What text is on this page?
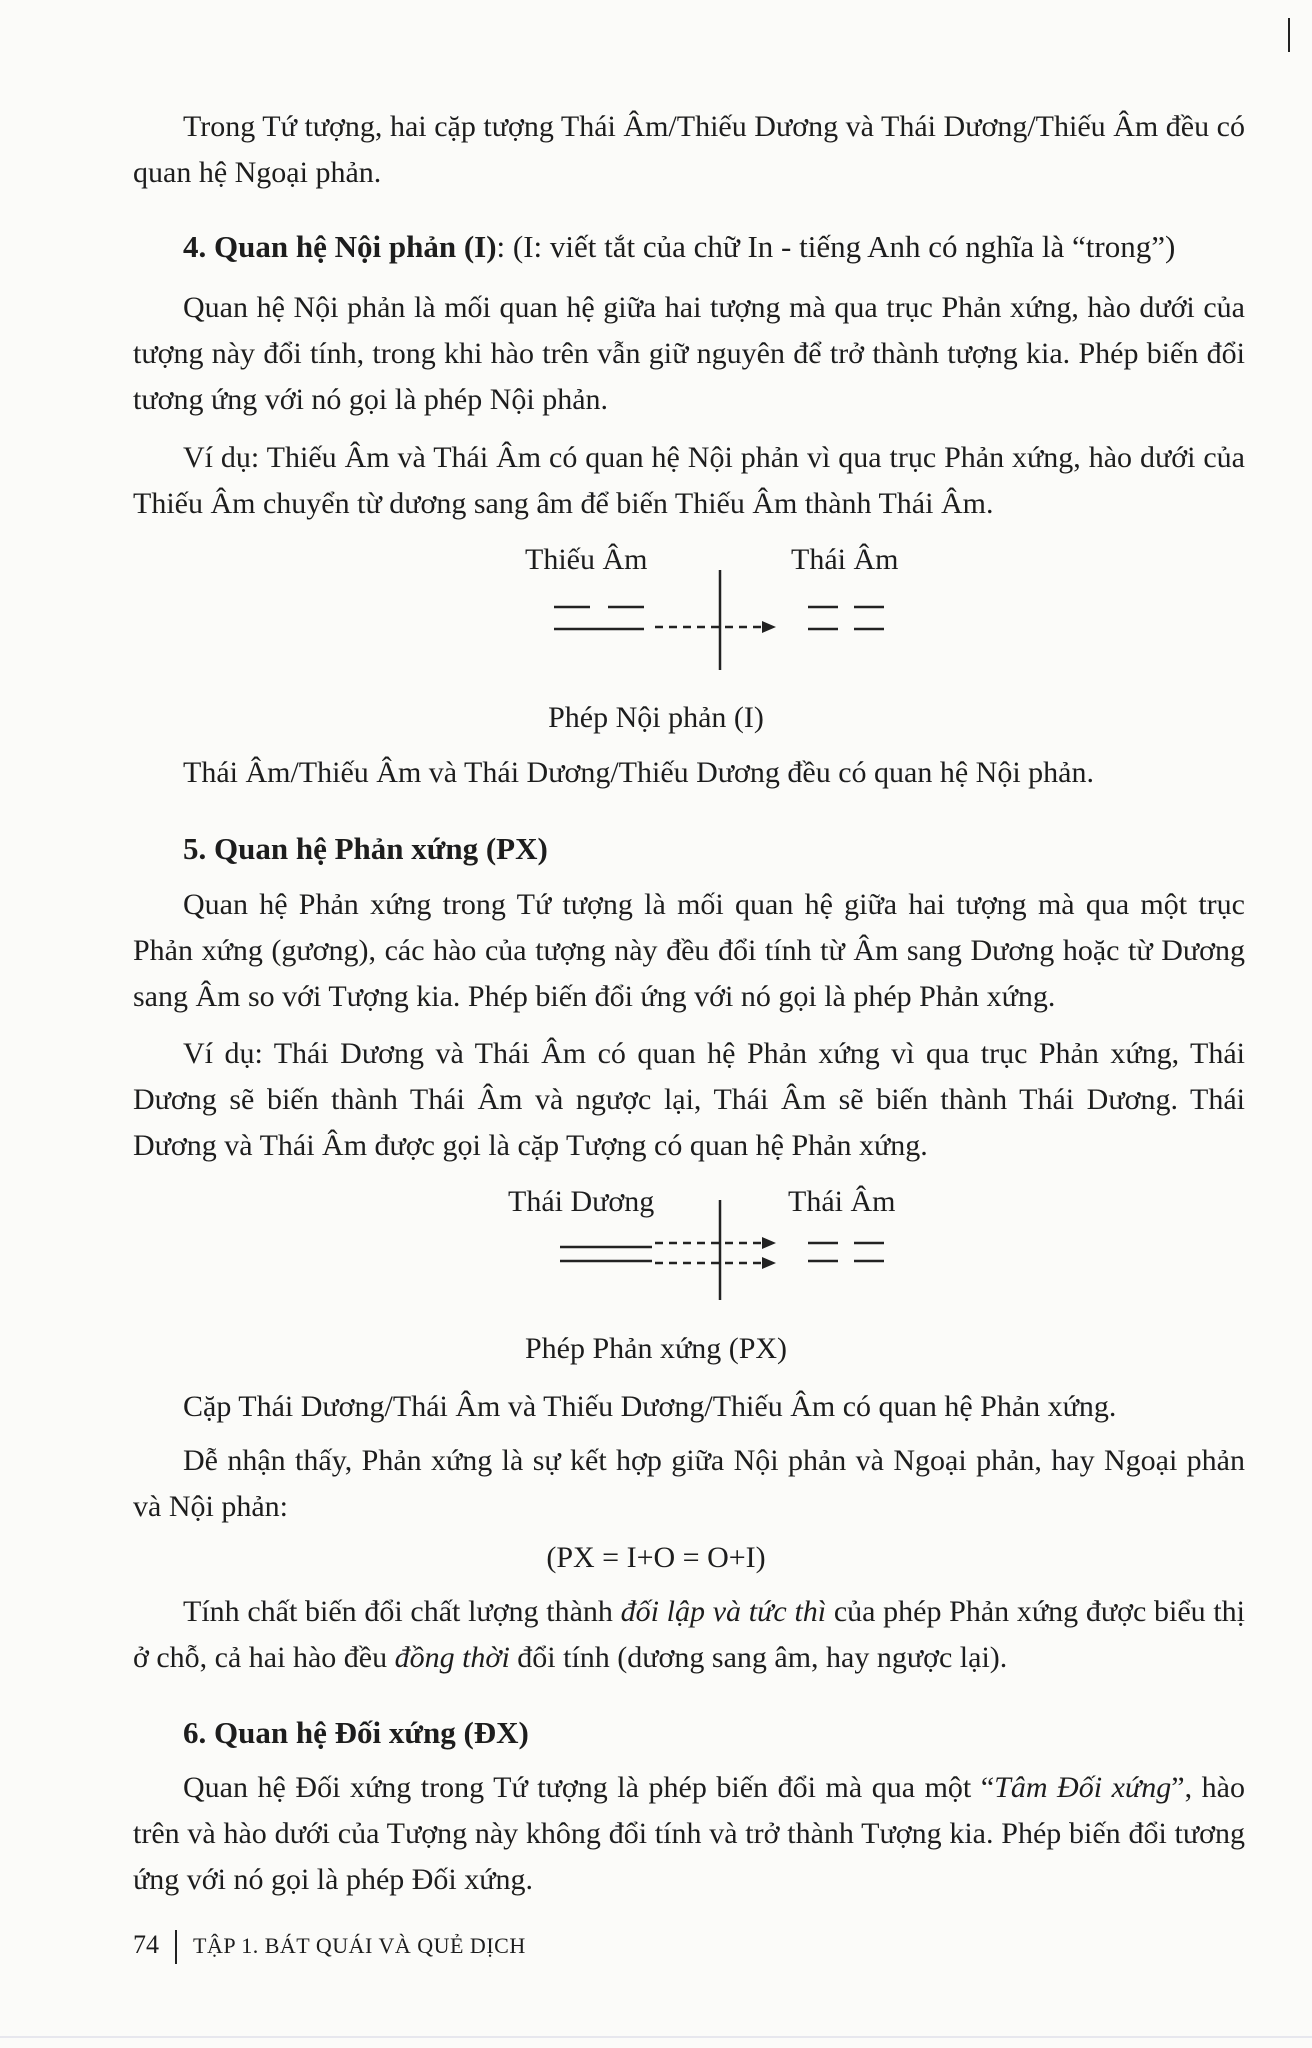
Trong Tứ tượng, hai cặp tượng Thái Âm/Thiếu Dương và Thái Dương/Thiếu Âm đều có quan hệ Ngoại phản.

4. Quan hệ Nội phản (I): (I: viết tắt của chữ In - tiếng Anh có nghĩa là “trong”)

Quan hệ Nội phản là mối quan hệ giữa hai tượng mà qua trục Phản xứng, hào dưới của tượng này đổi tính, trong khi hào trên vẫn giữ nguyên để trở thành tượng kia. Phép biến đổi tương ứng với nó gọi là phép Nội phản.

Ví dụ: Thiếu Âm và Thái Âm có quan hệ Nội phản vì qua trục Phản xứng, hào dưới của Thiếu Âm chuyển từ dương sang âm để biến Thiếu Âm thành Thái Âm.

Thiếu Âm	Thái Âm
Phép Nội phản (I)

Thái Âm/Thiếu Âm và Thái Dương/Thiếu Dương đều có quan hệ Nội phản.

5. Quan hệ Phản xứng (PX)

Quan hệ Phản xứng trong Tứ tượng là mối quan hệ giữa hai tượng mà qua một trục Phản xứng (gương), các hào của tượng này đều đổi tính từ Âm sang Dương hoặc từ Dương sang Âm so với Tượng kia. Phép biến đổi ứng với nó gọi là phép Phản xứng.

Ví dụ: Thái Dương và Thái Âm có quan hệ Phản xứng vì qua trục Phản xứng, Thái Dương sẽ biến thành Thái Âm và ngược lại, Thái Âm sẽ biến thành Thái Dương. Thái Dương và Thái Âm được gọi là cặp Tượng có quan hệ Phản xứng.

Thái Dương	Thái Âm
Phép Phản xứng (PX)

Cặp Thái Dương/Thái Âm và Thiếu Dương/Thiếu Âm có quan hệ Phản xứng.

Dễ nhận thấy, Phản xứng là sự kết hợp giữa Nội phản và Ngoại phản, hay Ngoại phản và Nội phản:

(PX = I+O = O+I)

Tính chất biến đổi chất lượng thành đối lập và tức thì của phép Phản xứng được biểu thị ở chỗ, cả hai hào đều đồng thời đổi tính (dương sang âm, hay ngược lại).

6. Quan hệ Đối xứng (ĐX)

Quan hệ Đối xứng trong Tứ tượng là phép biến đổi mà qua một “Tâm Đối xứng”, hào trên và hào dưới của Tượng này không đổi tính và trở thành Tượng kia. Phép biến đổi tương ứng với nó gọi là phép Đối xứng.

74 TẬP 1. BÁT QUÁI VÀ QUẺ DỊCH
